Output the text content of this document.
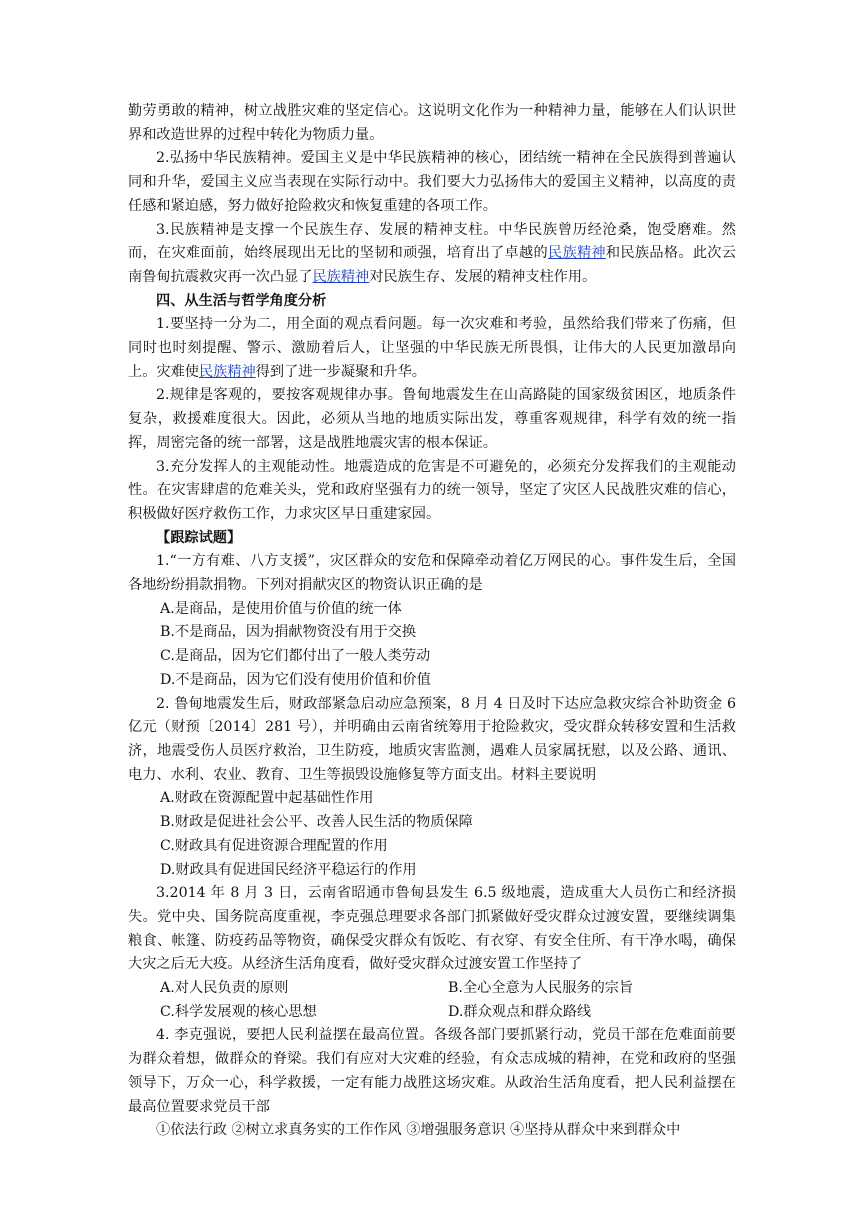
勤劳勇敢的精神，树立战胜灾难的坚定信心。这说明文化作为一种精神力量，能够在人们认识世界和改造世界的过程中转化为物质力量。

2.弘扬中华民族精神。爱国主义是中华民族精神的核心，团结统一精神在全民族得到普遍认同和升华，爱国主义应当表现在实际行动中。我们要大力弘扬伟大的爱国主义精神，以高度的责任感和紧迫感，努力做好抢险救灾和恢复重建的各项工作。

3.民族精神是支撑一个民族生存、发展的精神支柱。中华民族曾历经沧桑，饱受磨难。然而，在灾难面前，始终展现出无比的坚韧和顽强，培育出了卓越的民族精神和民族品格。此次云南鲁甸抗震救灾再一次凸显了民族精神对民族生存、发展的精神支柱作用。

四、从生活与哲学角度分析

1.要坚持一分为二，用全面的观点看问题。每一次灾难和考验，虽然给我们带来了伤痛，但同时也时刻提醒、警示、激励着后人，让坚强的中华民族无所畏惧，让伟大的人民更加激昂向上。灾难使民族精神得到了进一步凝聚和升华。

2.规律是客观的，要按客观规律办事。鲁甸地震发生在山高路陡的国家级贫困区，地质条件复杂，救援难度很大。因此，必须从当地的地质实际出发，尊重客观规律，科学有效的统一指挥，周密完备的统一部署，这是战胜地震灾害的根本保证。

3.充分发挥人的主观能动性。地震造成的危害是不可避免的，必须充分发挥我们的主观能动性。在灾害肆虐的危难关头，党和政府坚强有力的统一领导，坚定了灾区人民战胜灾难的信心，积极做好医疗救伤工作，力求灾区早日重建家园。

【跟踪试题】

1.“一方有难、八方支援”，灾区群众的安危和保障牵动着亿万网民的心。事件发生后，全国各地纷纷捐款捐物。下列对捐献灾区的物资认识正确的是

A.是商品，是使用价值与价值的统一体

B.不是商品，因为捐献物资没有用于交换

C.是商品，因为它们都付出了一般人类劳动

D.不是商品，因为它们没有使用价值和价值

2. 鲁甸地震发生后，财政部紧急启动应急预案，8 月 4 日及时下达应急救灾综合补助资金 6 亿元（财预〔2014〕281 号），并明确由云南省统筹用于抢险救灾，受灾群众转移安置和生活救济，地震受伤人员医疗救治，卫生防疫，地质灾害监测，遇难人员家属抚慰，以及公路、通讯、电力、水利、农业、教育、卫生等损毁设施修复等方面支出。材料主要说明

A.财政在资源配置中起基础性作用

B.财政是促进社会公平、改善人民生活的物质保障

C.财政具有促进资源合理配置的作用

D.财政具有促进国民经济平稳运行的作用

3.2014 年 8 月 3 日，云南省昭通市鲁甸县发生 6.5 级地震，造成重大人员伤亡和经济损失。党中央、国务院高度重视，李克强总理要求各部门抓紧做好受灾群众过渡安置，要继续调集粮食、帐篷、防疫药品等物资，确保受灾群众有饭吃、有衣穿、有安全住所、有干净水喝，确保大灾之后无大疫。从经济生活角度看，做好受灾群众过渡安置工作坚持了

A.对人民负责的原则	B.全心全意为人民服务的宗旨
C.科学发展观的核心思想	D.群众观点和群众路线

4. 李克强说，要把人民利益摆在最高位置。各级各部门要抓紧行动，党员干部在危难面前要为群众着想，做群众的脊梁。我们有应对大灾难的经验，有众志成城的精神，在党和政府的坚强领导下，万众一心，科学救援，一定有能力战胜这场灾难。从政治生活角度看，把人民利益摆在最高位置要求党员干部

①依法行政 ②树立求真务实的工作作风 ③增强服务意识 ④坚持从群众中来到群众中
